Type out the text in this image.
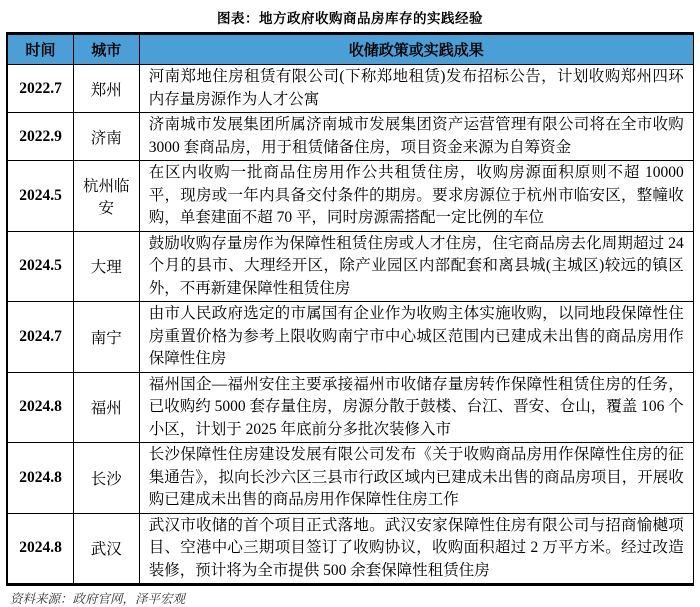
图表：地方政府收购商品房库存的实践经验
时间	城市	收储政策或实践成果
2022.7	郑州	河南郑地住房租赁有限公司(下称郑地租赁)发布招标公告，计划收购郑州四环内存量房源作为人才公寓
2022.9	济南	济南城市发展集团所属济南城市发展集团资产运营管理有限公司将在全市收购 3000 套商品房，用于租赁储备住房，项目资金来源为自筹资金
2024.5	杭州临安	在区内收购一批商品住房用作公共租赁住房，收购房源面积原则不超 10000 平，现房或一年内具备交付条件的期房。要求房源位于杭州市临安区，整幢收购，单套建面不超 70 平，同时房源需搭配一定比例的车位
2024.5	大理	鼓励收购存量房作为保障性租赁住房或人才住房，住宅商品房去化周期超过 24 个月的县市、大理经开区，除产业园区内部配套和离县城(主城区)较远的镇区外，不再新建保障性租赁住房
2024.7	南宁	由市人民政府选定的市属国有企业作为收购主体实施收购，以同地段保障性住房重置价格为参考上限收购南宁市中心城区范围内已建成未出售的商品房用作保障性住房
2024.8	福州	福州国企—福州安住主要承接福州市收储存量房转作保障性租赁住房的任务，已收购约 5000 套存量住房，房源分散于鼓楼、台江、晋安、仓山，覆盖 106 个小区，计划于 2025 年底前分多批次装修入市
2024.8	长沙	长沙保障性住房建设发展有限公司发布《关于收购商品房用作保障性住房的征集通告》，拟向长沙六区三县市行政区域内已建成未出售的商品房项目，开展收购已建成未出售的商品房用作保障性住房工作
2024.8	武汉	武汉市收储的首个项目正式落地。武汉安家保障性住房有限公司与招商愉樾项目、空港中心三期项目签订了收购协议，收购面积超过 2 万平方米。经过改造装修，预计将为全市提供 500 余套保障性租赁住房
资料来源：政府官网，泽平宏观
